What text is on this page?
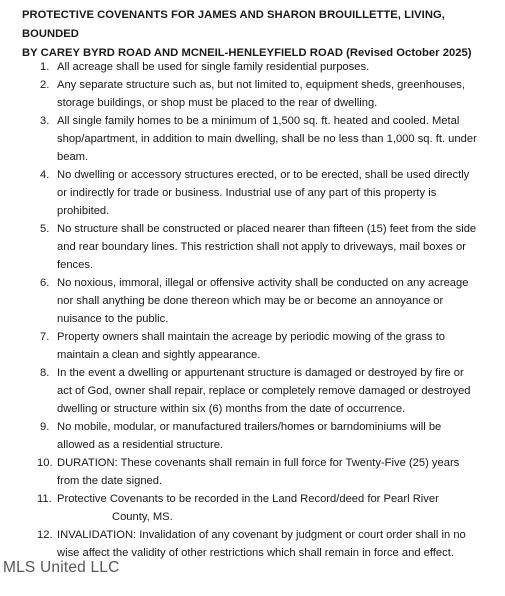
PROTECTIVE COVENANTS FOR JAMES AND SHARON BROUILLETTE, LIVING, BOUNDED
BY CAREY BYRD ROAD AND MCNEIL-HENLEYFIELD ROAD (Revised October 2025)
1. All acreage shall be used for single family residential purposes.
2. Any separate structure such as, but not limited to, equipment sheds, greenhouses, storage buildings, or shop must be placed to the rear of dwelling.
3. All single family homes to be a minimum of 1,500 sq. ft. heated and cooled. Metal shop/apartment, in addition to main dwelling, shall be no less than 1,000 sq. ft. under beam.
4. No dwelling or accessory structures erected, or to be erected, shall be used directly or indirectly for trade or business. Industrial use of any part of this property is prohibited.
5. No structure shall be constructed or placed nearer than fifteen (15) feet from the side and rear boundary lines. This restriction shall not apply to driveways, mail boxes or fences.
6. No noxious, immoral, illegal or offensive activity shall be conducted on any acreage nor shall anything be done thereon which may be or become an annoyance or nuisance to the public.
7. Property owners shall maintain the acreage by periodic mowing of the grass to maintain a clean and sightly appearance.
8. In the event a dwelling or appurtenant structure is damaged or destroyed by fire or act of God, owner shall repair, replace or completely remove damaged or destroyed dwelling or structure within six (6) months from the date of occurrence.
9. No mobile, modular, or manufactured trailers/homes or barndominiums will be allowed as a residential structure.
10. DURATION: These covenants shall remain in full force for Twenty-Five (25) years from the date signed.
11. Protective Covenants to be recorded in the Land Record/deed for Pearl River
County, MS.
12. INVALIDATION: Invalidation of any covenant by judgment or court order shall in no wise affect the validity of other restrictions which shall remain in force and effect.
MLS United LLC
